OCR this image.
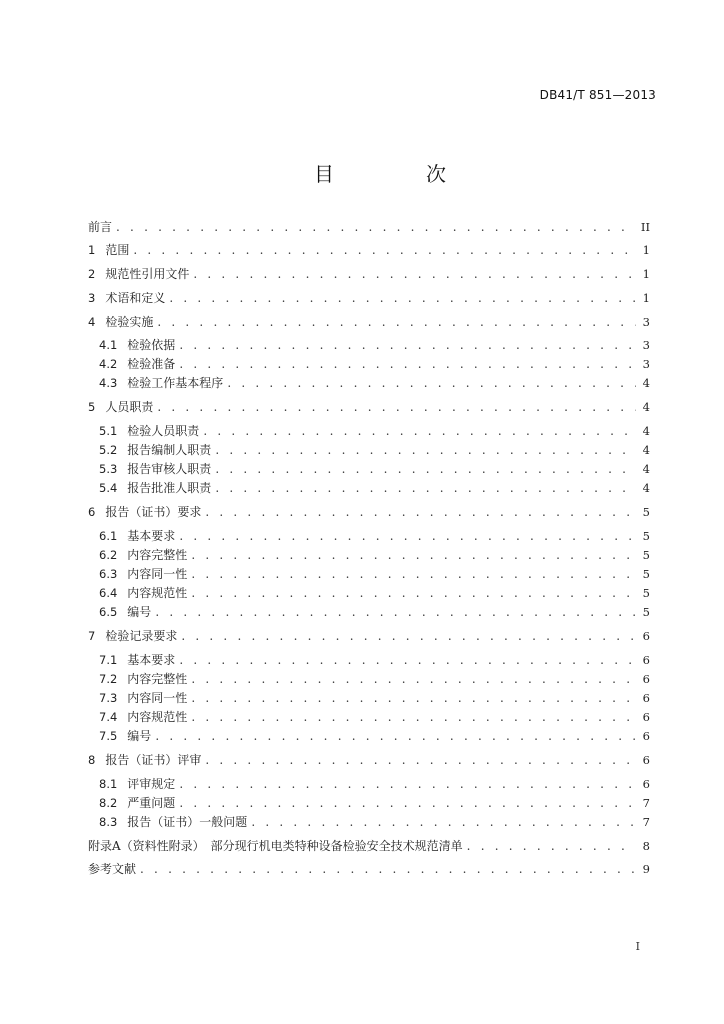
DB41/T 851—2013
目　次
前言 . . .	II
1 范围 . . .	1
2 规范性引用文件 . . .	1
3 术语和定义 . . .	1
4 检验实施 . . .	3
4.1 检验依据 . . .	3
4.2 检验准备 . . .	3
4.3 检验工作基本程序 . . .	4
5 人员职责 . . .	4
5.1 检验人员职责 . . .	4
5.2 报告编制人职责 . . .	4
5.3 报告审核人职责 . . .	4
5.4 报告批准人职责 . . .	4
6 报告（证书）要求 . . .	5
6.1 基本要求 . . .	5
6.2 内容完整性 . . .	5
6.3 内容同一性 . . .	5
6.4 内容规范性 . . .	5
6.5 编号 . . .	5
7 检验记录要求 . . .	6
7.1 基本要求 . . .	6
7.2 内容完整性 . . .	6
7.3 内容同一性 . . .	6
7.4 内容规范性 . . .	6
7.5 编号 . . .	6
8 报告（证书）评审 . . .	6
8.1 评审规定 . . .	6
8.2 严重问题 . . .	7
8.3 报告（证书）一般问题 . . .	7
附录A（资料性附录）　部分现行机电类特种设备检验安全技术规范清单 . . .	8
参考文献 . . .	9
I
